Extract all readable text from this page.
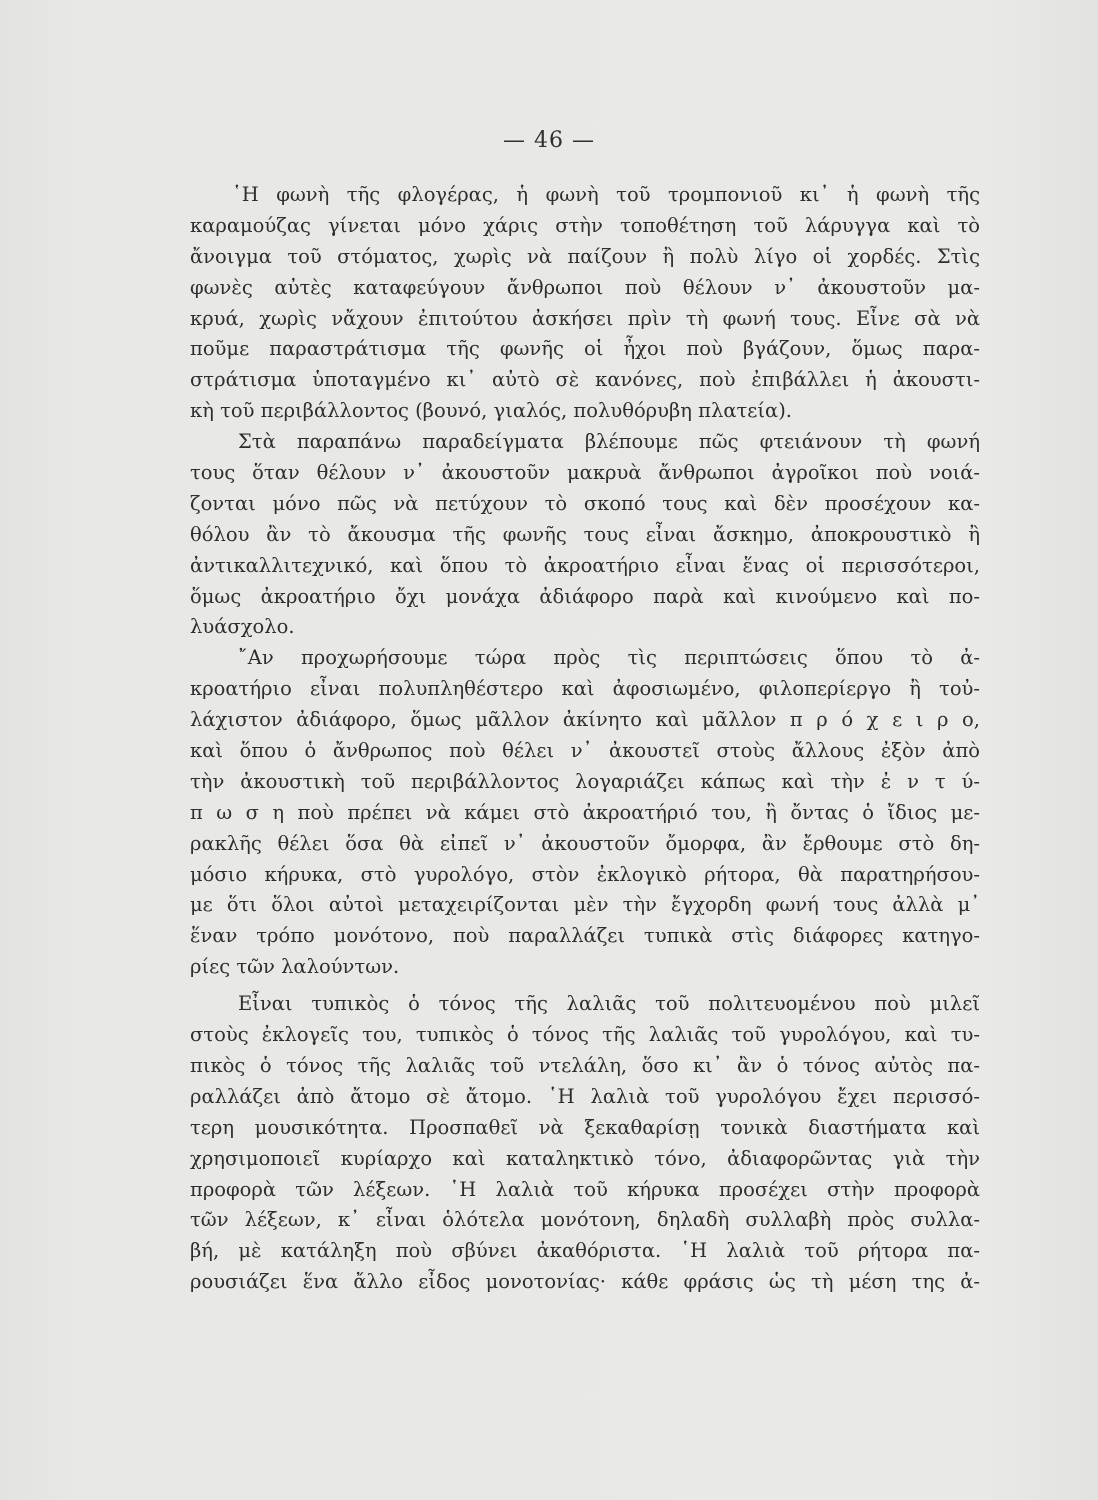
— 46 —
῾Η φωνὴ τῆς φλογέρας, ἡ φωνὴ τοῦ τρομπονιοῦ κι᾽ ἡ φωνὴ τῆς
καραμούζας γίνεται μόνο χάρις στὴν τοποθέτηση τοῦ λάρυγγα καὶ τὸ
ἄνοιγμα τοῦ στόματος, χωρὶς νὰ παίζουν ἢ πολὺ λίγο οἱ χορδές. Στὶς
φωνὲς αὐτὲς καταφεύγουν ἄνθρωποι ποὺ θέλουν ν᾽ ἀκουστοῦν μα-
κρυά, χωρὶς νἄχουν ἐπιτούτου ἀσκήσει πρὶν τὴ φωνή τους. Εἶνε σὰ νὰ
ποῦμε παραστράτισμα τῆς φωνῆς οἱ ἦχοι ποὺ βγάζουν, ὅμως παρα-
στράτισμα ὑποταγμένο κι᾽ αὐτὸ σὲ κανόνες, ποὺ ἐπιβάλλει ἡ ἀκουστι-
κὴ τοῦ περιβάλλοντος (βουνό, γιαλός, πολυθόρυβη πλατεία).
Στὰ παραπάνω παραδείγματα βλέπουμε πῶς φτειάνουν τὴ φωνή
τους ὅταν θέλουν ν᾽ ἀκουστοῦν μακρυὰ ἄνθρωποι ἀγροῖκοι ποὺ νοιά-
ζονται μόνο πῶς νὰ πετύχουν τὸ σκοπό τους καὶ δὲν προσέχουν κα-
θόλου ἂν τὸ ἄκουσμα τῆς φωνῆς τους εἶναι ἄσκημο, ἀποκρουστικὸ ἢ
ἀντικαλλιτεχνικό, καὶ ὅπου τὸ ἀκροατήριο εἶναι ἕνας οἱ περισσότεροι,
ὅμως ἀκροατήριο ὄχι μονάχα ἀδιάφορο παρὰ καὶ κινούμενο καὶ πο-
λυάσχολο.
῎Αν προχωρήσουμε τώρα πρὸς τὶς περιπτώσεις ὅπου τὸ ἀ-
κροατήριο εἶναι πολυπληθέστερο καὶ ἀφοσιωμένο, φιλοπερίεργο ἢ τοὐ-
λάχιστον ἀδιάφορο, ὅμως μᾶλλον ἀκίνητο καὶ μᾶλλον π ρ ό χ ε ι ρ ο,
καὶ ὅπου ὁ ἄνθρωπος ποὺ θέλει ν᾽ ἀκουστεῖ στοὺς ἄλλους ἐξὸν ἀπὸ
τὴν ἀκουστικὴ τοῦ περιβάλλοντος λογαριάζει κάπως καὶ τὴν ἐ ν τ ύ-
π ω σ η ποὺ πρέπει νὰ κάμει στὸ ἀκροατήριό του, ἢ ὄντας ὁ ἴδιος με-
ρακλῆς θέλει ὅσα θὰ εἰπεῖ ν᾽ ἀκουστοῦν ὄμορφα, ἂν ἔρθουμε στὸ δη-
μόσιο κήρυκα, στὸ γυρολόγο, στὸν ἐκλογικὸ ρήτορα, θὰ παρατηρήσου-
με ὅτι ὅλοι αὐτοὶ μεταχειρίζονται μὲν τὴν ἔγχορδη φωνή τους ἀλλὰ μ᾽
ἕναν τρόπο μονότονο, ποὺ παραλλάζει τυπικὰ στὶς διάφορες κατηγο-
ρίες τῶν λαλούντων.
Εἶναι τυπικὸς ὁ τόνος τῆς λαλιᾶς τοῦ πολιτευομένου ποὺ μιλεῖ
στοὺς ἐκλογεῖς του, τυπικὸς ὁ τόνος τῆς λαλιᾶς τοῦ γυρολόγου, καὶ τυ-
πικὸς ὁ τόνος τῆς λαλιᾶς τοῦ ντελάλη, ὅσο κι᾽ ἂν ὁ τόνος αὐτὸς πα-
ραλλάζει ἀπὸ ἄτομο σὲ ἄτομο. ῾Η λαλιὰ τοῦ γυρολόγου ἔχει περισσό-
τερη μουσικότητα. Προσπαθεῖ νὰ ξεκαθαρίσῃ τονικὰ διαστήματα καὶ
χρησιμοποιεῖ κυρίαρχο καὶ καταληκτικὸ τόνο, ἀδιαφορῶντας γιὰ τὴν
προφορὰ τῶν λέξεων. ῾Η λαλιὰ τοῦ κήρυκα προσέχει στὴν προφορὰ
τῶν λέξεων, κ᾽ εἶναι ὁλότελα μονότονη, δηλαδὴ συλλαβὴ πρὸς συλλα-
βή, μὲ κατάληξη ποὺ σβύνει ἀκαθόριστα. ῾Η λαλιὰ τοῦ ρήτορα πα-
ρουσιάζει ἕνα ἄλλο εἶδος μονοτονίας· κάθε φράσις ὡς τὴ μέση της ἀ-
